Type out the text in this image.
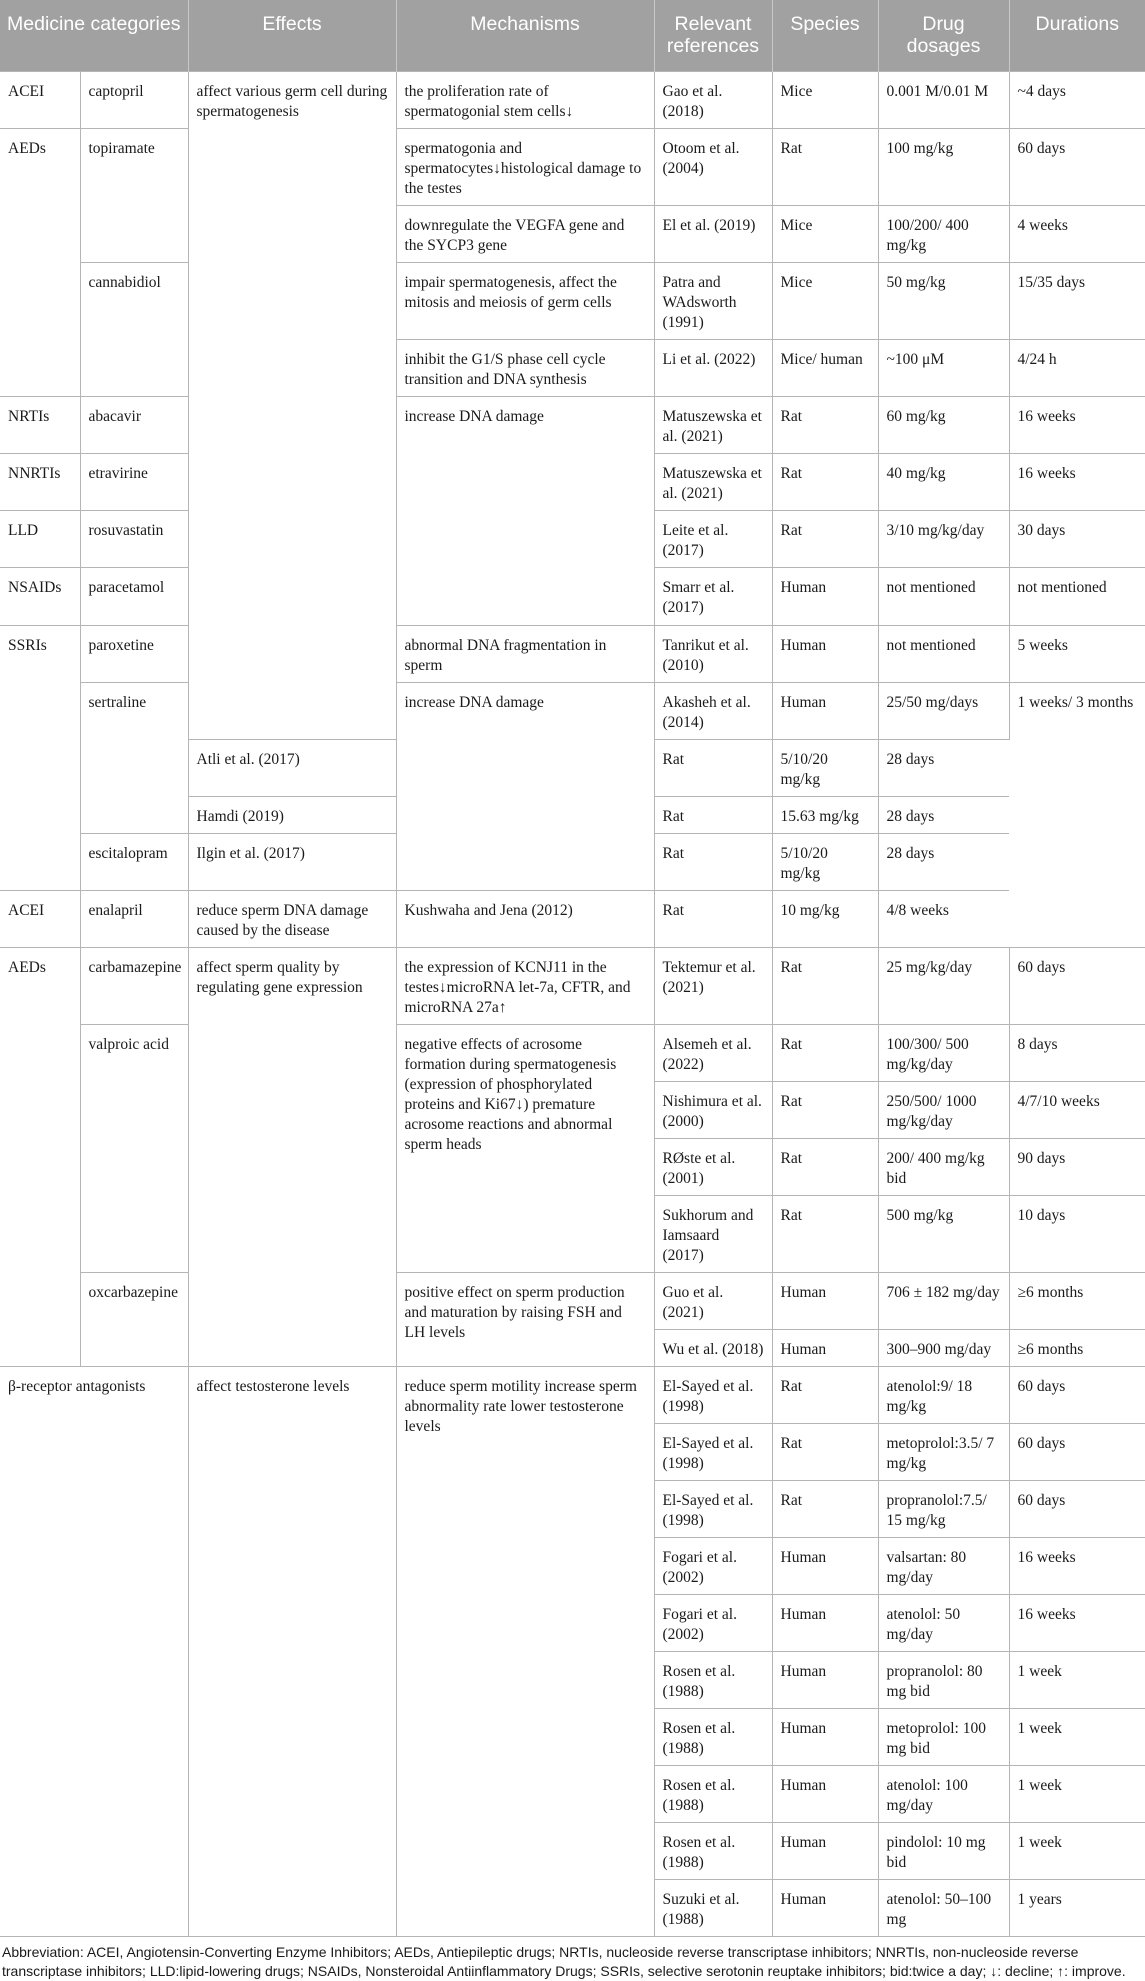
Medicine categories		Effects	Mechanisms	Relevant references	Species	Drug dosages	Durations
ACEI	captopril	affect various germ cell during spermatogenesis	the proliferation rate of spermatogonial stem cells↓	Gao et al. (2018)	Mice	0.001 M/0.01 M	~4 days
AEDs	topiramate		spermatogonia and spermatocytes↓histological damage to the testes	Otoom et al. (2004)	Rat	100 mg/kg	60 days
			downregulate the VEGFA gene and the SYCP3 gene	El et al. (2019)	Mice	100/200/ 400 mg/kg	4 weeks
	cannabidiol		impair spermatogenesis, affect the mitosis and meiosis of germ cells	Patra and WAdsworth (1991)	Mice	50 mg/kg	15/35 days
			inhibit the G1/S phase cell cycle transition and DNA synthesis	Li et al. (2022)	Mice/ human	~100 μM	4/24 h
NRTIs	abacavir		increase DNA damage	Matuszewska et al. (2021)	Rat	60 mg/kg	16 weeks
NNRTIs	etravirine			Matuszewska et al. (2021)	Rat	40 mg/kg	16 weeks
LLD	rosuvastatin			Leite et al. (2017)	Rat	3/10 mg/kg/day	30 days
NSAIDs	paracetamol			Smarr et al. (2017)	Human	not mentioned	not mentioned
SSRIs	paroxetine		abnormal DNA fragmentation in sperm	Tanrikut et al. (2010)	Human	not mentioned	5 weeks
	sertraline		increase DNA damage	Akasheh et al. (2014)	Human	25/50 mg/days	1 weeks/ 3 months
		Atli et al. (2017)		Rat	5/10/20 mg/kg	28 days	
		Hamdi (2019)		Rat	15.63 mg/kg	28 days	
	escitalopram	Ilgin et al. (2017)		Rat	5/10/20 mg/kg	28 days	
ACEI	enalapril	reduce sperm DNA damage caused by the disease	Kushwaha and Jena (2012)	Rat	10 mg/kg	4/8 weeks	
AEDs	carbamazepine	affect sperm quality by regulating gene expression	the expression of KCNJ11 in the testes↓microRNA let-7a, CFTR, and microRNA 27a↑	Tektemur et al. (2021)	Rat	25 mg/kg/day	60 days
	valproic acid		negative effects of acrosome formation during spermatogenesis (expression of phosphorylated proteins and Ki67↓) premature acrosome reactions and abnormal sperm heads	Alsemeh et al. (2022)	Rat	100/300/ 500 mg/kg/day	8 days
				Nishimura et al. (2000)	Rat	250/500/ 1000 mg/kg/day	4/7/10 weeks
				RØste et al. (2001)	Rat	200/ 400 mg/kg bid	90 days
				Sukhorum and Iamsaard (2017)	Rat	500 mg/kg	10 days
	oxcarbazepine		positive effect on sperm production and maturation by raising FSH and LH levels	Guo et al. (2021)	Human	706 ± 182 mg/day	≥6 months
				Wu et al. (2018)	Human	300–900 mg/day	≥6 months
β-receptor antagonists		affect testosterone levels	reduce sperm motility increase sperm abnormality rate lower testosterone levels	El-Sayed et al. (1998)	Rat	atenolol:9/ 18 mg/kg	60 days
				El-Sayed et al. (1998)	Rat	metoprolol:3.5/ 7 mg/kg	60 days
				El-Sayed et al. (1998)	Rat	propranolol:7.5/ 15 mg/kg	60 days
				Fogari et al. (2002)	Human	valsartan: 80 mg/day	16 weeks
				Fogari et al. (2002)	Human	atenolol: 50 mg/day	16 weeks
				Rosen et al. (1988)	Human	propranolol: 80 mg bid	1 week
				Rosen et al. (1988)	Human	metoprolol: 100 mg bid	1 week
				Rosen et al. (1988)	Human	atenolol: 100 mg/day	1 week
				Rosen et al. (1988)	Human	pindolol: 10 mg bid	1 week
				Suzuki et al. (1988)	Human	atenolol: 50–100 mg	1 years
Abbreviation: ACEI, Angiotensin-Converting Enzyme Inhibitors; AEDs, Antiepileptic drugs; NRTIs, nucleoside reverse transcriptase inhibitors; NNRTIs, non-nucleoside reverse transcriptase inhibitors; LLD:lipid-lowering drugs; NSAIDs, Nonsteroidal Antiinflammatory Drugs; SSRIs, selective serotonin reuptake inhibitors; bid:twice a day; ↓: decline; ↑: improve.
